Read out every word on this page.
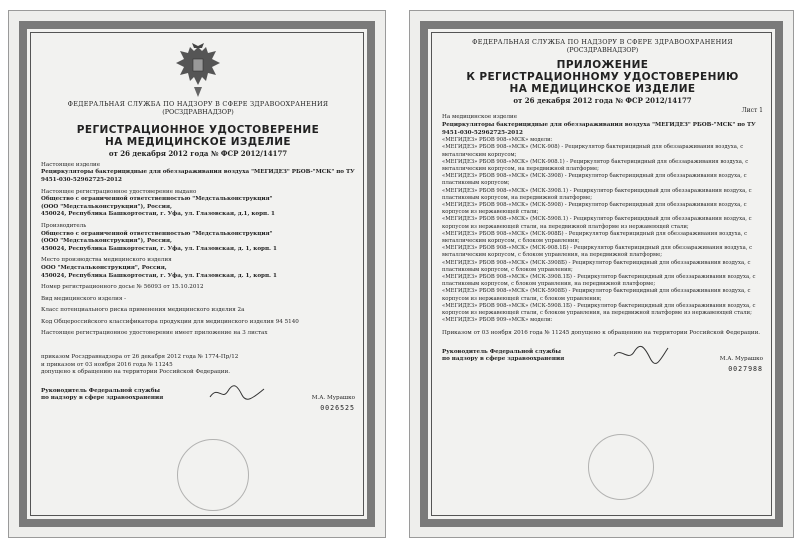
ФЕДЕРАЛЬНАЯ СЛУЖБА ПО НАДЗОРУ В СФЕРЕ ЗДРАВООХРАНЕНИЯ
(РОСЗДРАВНАДЗОР)
РЕГИСТРАЦИОННОЕ УДОСТОВЕРЕНИЕ
НА МЕДИЦИНСКОЕ ИЗДЕЛИЕ
от 26 декабря 2012 года № ФСР 2012/14177

Настоящее изделие

Рециркуляторы бактерицидные для обеззараживания воздуха "МЕГИДЕЗ" РБОВ-"МСК" по ТУ 9451-030-52962725-2012

Настоящее регистрационное удостоверение выдано

Общество с ограниченной ответственностью "Медстальконструкция"

(ООО "Медстальконструкция"), Россия,

450024, Республика Башкортостан, г. Уфа, ул. Глазовская, д.1, корп. 1

Производитель

Общество с ограниченной ответственностью "Медстальконструкция"

(ООО "Медстальконструкция"), Россия,

450024, Республика Башкортостан, г. Уфа, ул. Глазовская, д. 1, корп. 1

Место производства медицинского изделия

ООО "Медстальконструкция", Россия,

450024, Республика Башкортостан, г. Уфа, ул. Глазовская, д. 1, корп. 1

Номер регистрационного досье № 56093 от 15.10.2012

Вид медицинского изделия -

Класс потенциального риска применения медицинского изделия 2а

Код Общероссийского классификатора продукции для медицинского изделия 94 5140

Настоящее регистрационное удостоверение имеет приложение на 3 листах

приказом Росздравнадзора от 26 декабря 2012 года № 1774-Пр/12

и приказом от 03 ноября 2016 года № 11245

допущено к обращению на территории Российской Федерации.

Руководитель Федеральной службы

по надзору в сфере здравоохранения	М.А. Мурашко

0026525
ФЕДЕРАЛЬНАЯ СЛУЖБА ПО НАДЗОРУ В СФЕРЕ ЗДРАВООХРАНЕНИЯ
(РОСЗДРАВНАДЗОР)
ПРИЛОЖЕНИЕ
К РЕГИСТРАЦИОННОМУ УДОСТОВЕРЕНИЮ
НА МЕДИЦИНСКОЕ ИЗДЕЛИЕ
от 26 декабря 2012 года № ФСР 2012/14177
Лист 1

На медицинское изделие

Рециркуляторы бактерицидные для обеззараживания воздуха "МЕГИДЕЗ" РБОВ-"МСК" по ТУ 9451-030-52962725-2012

«МЕГИДЕЗ» РБОВ 908-«МСК» модели:

«МЕГИДЕЗ» РБОВ 908-«МСК» (МСК-908) - Рециркулятор бактерицидный для обеззараживания воздуха, с металлическим корпусом;

«МЕГИДЕЗ» РБОВ 908-«МСК» (МСК-908.1) - Рециркулятор бактерицидный для обеззараживания воздуха, с металлическим корпусом, на передвижной платформе;

«МЕГИДЕЗ» РБОВ 908-«МСК» (МСК-3908) - Рециркулятор бактерицидный для обеззараживания воздуха, с пластиковым корпусом;

«МЕГИДЕЗ» РБОВ 908-«МСК» (МСК-3908.1) - Рециркулятор бактерицидный для обеззараживания воздуха, с пластиковым корпусом, на передвижной платформе;

«МЕГИДЕЗ» РБОВ 908-«МСК» (МСК-5908) - Рециркулятор бактерицидный для обеззараживания воздуха, с корпусом из нержавеющей стали;

«МЕГИДЕЗ» РБОВ 908-«МСК» (МСК-5908.1) - Рециркулятор бактерицидный для обеззараживания воздуха, с корпусом из нержавеющей стали, на передвижной платформе из нержавеющей стали;

«МЕГИДЕЗ» РБОВ 908-«МСК» (МСК-908Б) - Рециркулятор бактерицидный для обеззараживания воздуха, с металлическим корпусом, с блоком управления;

«МЕГИДЕЗ» РБОВ 908-«МСК» (МСК-908.1Б) - Рециркулятор бактерицидный для обеззараживания воздуха, с металлическим корпусом, с блоком управления, на передвижной платформе;

«МЕГИДЕЗ» РБОВ 908-«МСК» (МСК-3908Б) - Рециркулятор бактерицидный для обеззараживания воздуха, с пластиковым корпусом, с блоком управления;

«МЕГИДЕЗ» РБОВ 908-«МСК» (МСК-3908.1Б) - Рециркулятор бактерицидный для обеззараживания воздуха, с пластиковым корпусом, с блоком управления, на передвижной платформе;

«МЕГИДЕЗ» РБОВ 908-«МСК» (МСК-5908Б) - Рециркулятор бактерицидный для обеззараживания воздуха, с корпусом из нержавеющей стали, с блоком управления;

«МЕГИДЕЗ» РБОВ 908-«МСК» (МСК-5908.1Б) - Рециркулятор бактерицидный для обеззараживания воздуха, с корпусом из нержавеющей стали, с блоком управления, на передвижной платформе из нержавеющей стали;

«МЕГИДЕЗ» РБОВ 909-«МСК» модели:

Приказом от 03 ноября 2016 года № 11245 допущено к обращению на территории Российской Федерации.

Руководитель Федеральной службы

по надзору в сфере здравоохранения	М.А. Мурашко

0027988
